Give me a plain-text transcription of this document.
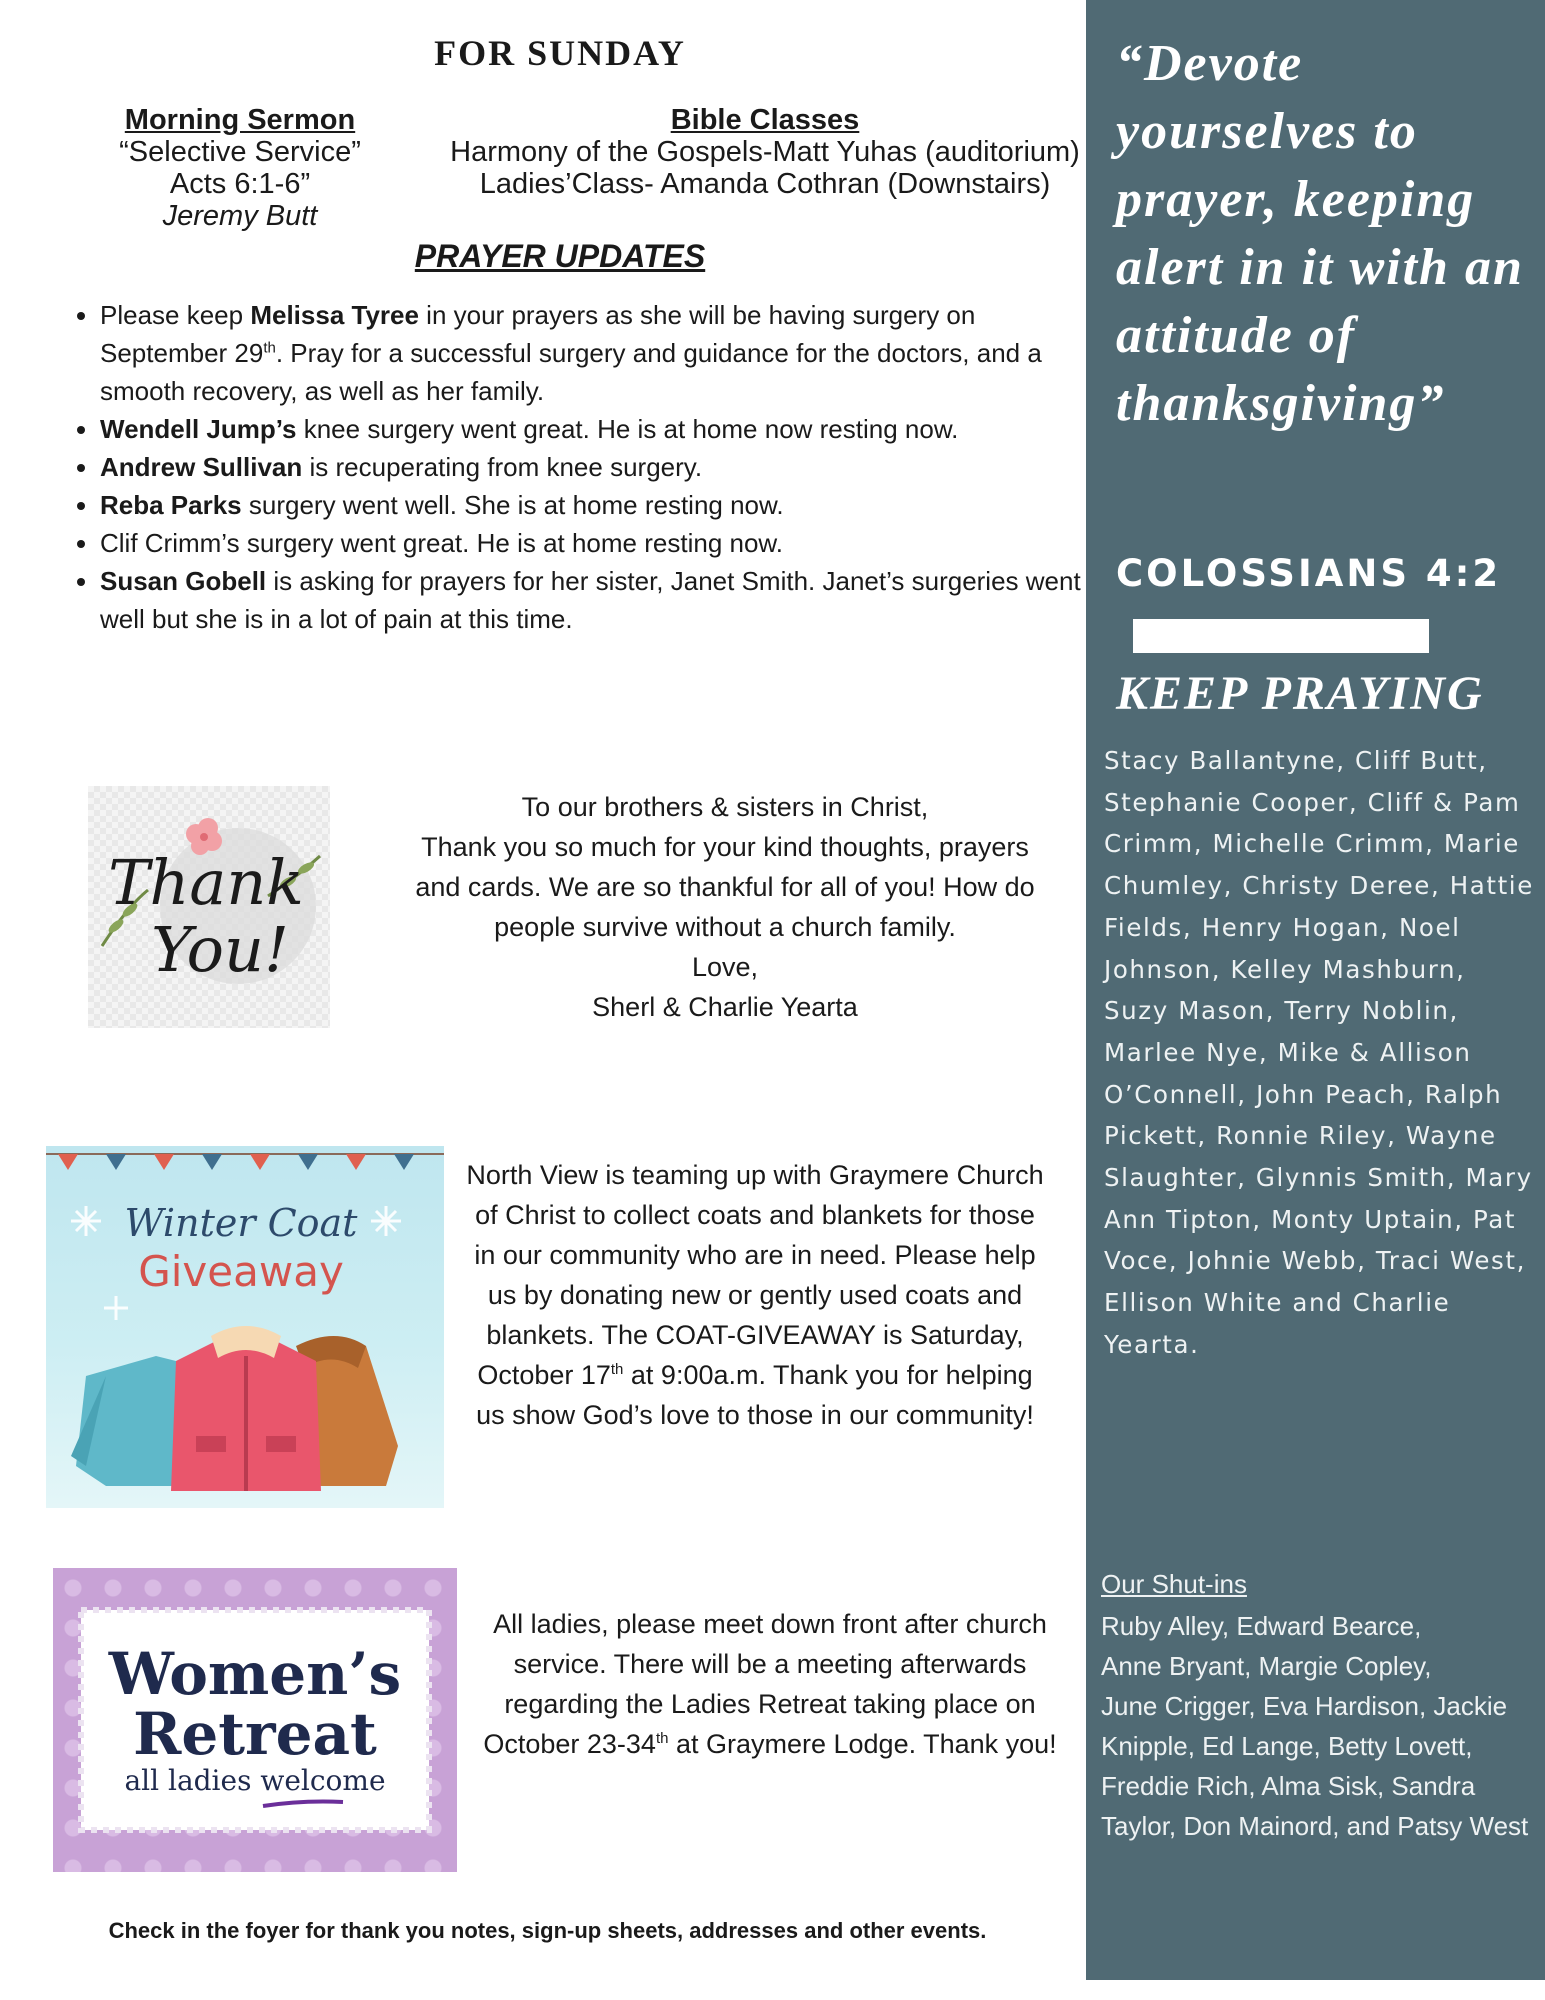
FOR SUNDAY
Morning Sermon
“Selective Service”
Acts 6:1-6”
Jeremy Butt
Bible Classes
Harmony of the Gospels-Matt Yuhas (auditorium)
Ladies’Class- Amanda Cothran (Downstairs)
PRAYER UPDATES
• Please keep Melissa Tyree in your prayers as she will be having surgery on September 29th. Pray for a successful surgery and guidance for the doctors, and a smooth recovery, as well as her family.
• Wendell Jump’s knee surgery went great. He is at home now resting now.
• Andrew Sullivan is recuperating from knee surgery.
• Reba Parks surgery went well. She is at home resting now.
• Clif Crimm’s surgery went great. He is at home resting now.
• Susan Gobell is asking for prayers for her sister, Janet Smith. Janet’s surgeries went well but she is in a lot of pain at this time.
Thank
You!
To our brothers & sisters in Christ,
Thank you so much for your kind thoughts, prayers and cards. We are so thankful for all of you! How do people survive without a church family.
Love,
Sherl & Charlie Yearta
Winter Coat
Giveaway
North View is teaming up with Graymere Church of Christ to collect coats and blankets for those in our community who are in need. Please help us by donating new or gently used coats and blankets. The COAT-GIVEAWAY is Saturday, October 17th at 9:00a.m. Thank you for helping us show God’s love to those in our community!
Women’s
Retreat
all ladies welcome
All ladies, please meet down front after church service. There will be a meeting afterwards regarding the Ladies Retreat taking place on October 23-34th at Graymere Lodge. Thank you!
Check in the foyer for thank you notes, sign-up sheets, addresses and other events.
“Devote yourselves to prayer, keeping alert in it with an attitude of thanksgiving”
COLOSSIANS 4:2
KEEP PRAYING
Stacy Ballantyne, Cliff Butt, Stephanie Cooper, Cliff & Pam Crimm, Michelle Crimm, Marie Chumley, Christy Deree, Hattie Fields, Henry Hogan, Noel Johnson, Kelley Mashburn, Suzy Mason, Terry Noblin, Marlee Nye, Mike & Allison O’Connell, John Peach, Ralph Pickett, Ronnie Riley, Wayne Slaughter, Glynnis Smith, Mary Ann Tipton, Monty Uptain, Pat Voce, Johnie Webb, Traci West, Ellison White and Charlie Yearta.
Our Shut-ins
Ruby Alley, Edward Bearce,
Anne Bryant, Margie Copley,
June Crigger, Eva Hardison, Jackie
Knipple, Ed Lange, Betty Lovett,
Freddie Rich, Alma Sisk, Sandra
Taylor, Don Mainord, and Patsy West
